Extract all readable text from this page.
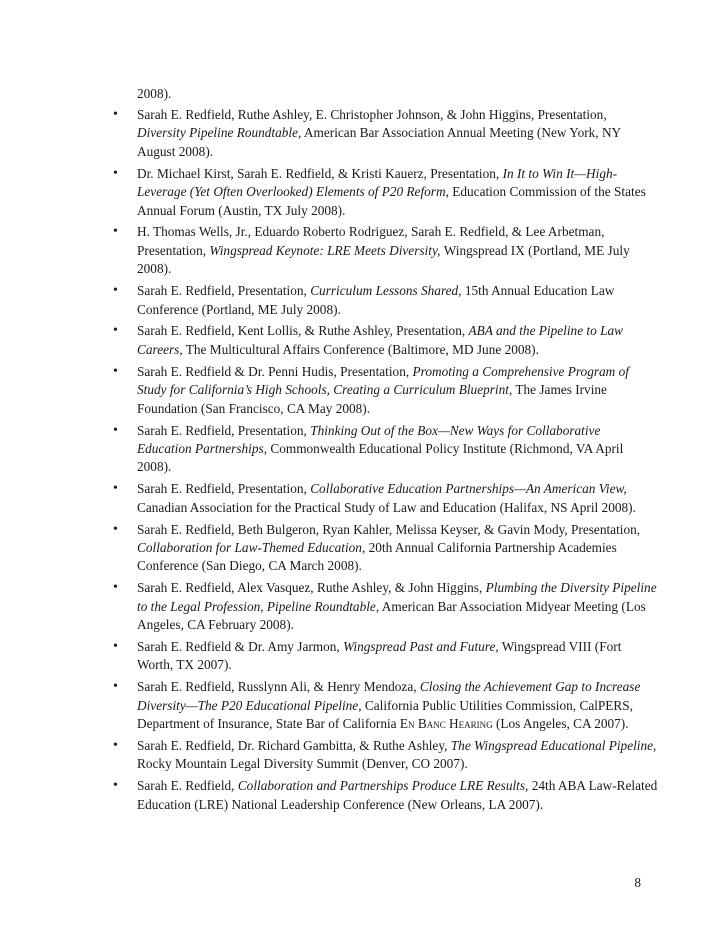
2008).

• Sarah E. Redfield, Ruthe Ashley, E. Christopher Johnson, & John Higgins, Presentation, Diversity Pipeline Roundtable, American Bar Association Annual Meeting (New York, NY August 2008).
• Dr. Michael Kirst, Sarah E. Redfield, & Kristi Kauerz, Presentation, In It to Win It—High-Leverage (Yet Often Overlooked) Elements of P20 Reform, Education Commission of the States Annual Forum (Austin, TX July 2008).
• H. Thomas Wells, Jr., Eduardo Roberto Rodriguez, Sarah E. Redfield, & Lee Arbetman, Presentation, Wingspread Keynote: LRE Meets Diversity, Wingspread IX (Portland, ME July 2008).
• Sarah E. Redfield, Presentation, Curriculum Lessons Shared, 15th Annual Education Law Conference (Portland, ME July 2008).
• Sarah E. Redfield, Kent Lollis, & Ruthe Ashley, Presentation, ABA and the Pipeline to Law Careers, The Multicultural Affairs Conference (Baltimore, MD June 2008).
• Sarah E. Redfield & Dr. Penni Hudis, Presentation, Promoting a Comprehensive Program of Study for California’s High Schools, Creating a Curriculum Blueprint, The James Irvine Foundation (San Francisco, CA May 2008).
• Sarah E. Redfield, Presentation, Thinking Out of the Box—New Ways for Collaborative Education Partnerships, Commonwealth Educational Policy Institute (Richmond, VA April 2008).
• Sarah E. Redfield, Presentation, Collaborative Education Partnerships—An American View, Canadian Association for the Practical Study of Law and Education (Halifax, NS April 2008).
• Sarah E. Redfield, Beth Bulgeron, Ryan Kahler, Melissa Keyser, & Gavin Mody, Presentation, Collaboration for Law-Themed Education, 20th Annual California Partnership Academies Conference (San Diego, CA March 2008).
• Sarah E. Redfield, Alex Vasquez, Ruthe Ashley, & John Higgins, Plumbing the Diversity Pipeline to the Legal Profession, Pipeline Roundtable, American Bar Association Midyear Meeting (Los Angeles, CA February 2008).
• Sarah E. Redfield & Dr. Amy Jarmon, Wingspread Past and Future, Wingspread VIII (Fort Worth, TX 2007).
• Sarah E. Redfield, Russlynn Ali, & Henry Mendoza, Closing the Achievement Gap to Increase Diversity—The P20 Educational Pipeline, California Public Utilities Commission, CalPERS, Department of Insurance, State Bar of California En Banc Hearing (Los Angeles, CA 2007).
• Sarah E. Redfield, Dr. Richard Gambitta, & Ruthe Ashley, The Wingspread Educational Pipeline, Rocky Mountain Legal Diversity Summit (Denver, CO 2007).
• Sarah E. Redfield, Collaboration and Partnerships Produce LRE Results, 24th ABA Law-Related Education (LRE) National Leadership Conference (New Orleans, LA 2007).
8
